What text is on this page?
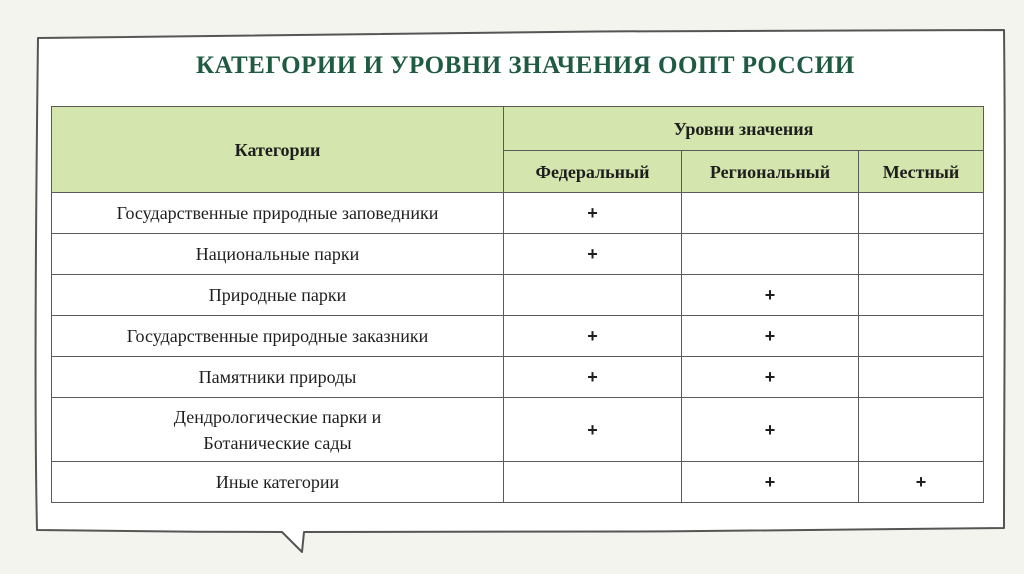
КАТЕГОРИИ И УРОВНИ ЗНАЧЕНИЯ ООПТ РОССИИ
Категории	Уровни значения		
	Федеральный	Региональный	Местный
Государственные природные заповедники	+		
Национальные парки	+		
Природные парки		+	
Государственные природные заказники	+	+	
Памятники природы	+	+	
Дендрологические парки и
Ботанические сады	+	+	
Иные категории		+	+
